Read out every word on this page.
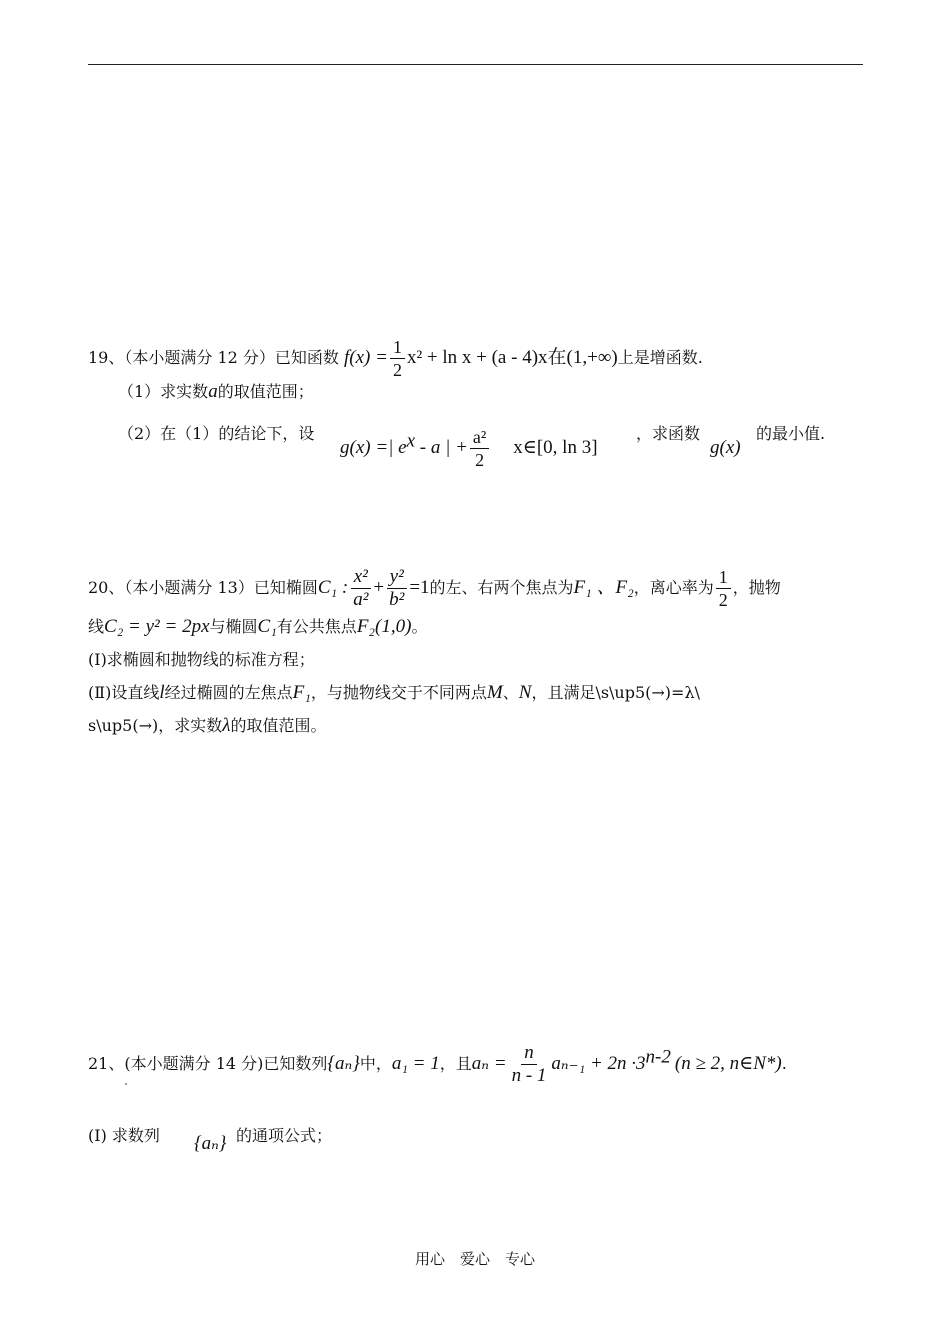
19、（本小题满分 12 分）已知函数 $f(x) = \frac{1}{2} x^2 + \ln x + (a - 4)x$在(1,+∞)上是增函数.
（1）求实数a的取值范围；
（2）在（1）的结论下，设
g(x) =| $e^x$ - a | + $\frac{\text{a²}}{2}$ x∈[0, ln 3]
，求函数
g(x)
的最小值.
20、（本小题满分 13）已知椭圆C₁ : $\frac{\text{x²}}{\text{a²}} + \frac{\text{y²}}{\text{b²}} =1$的左、右两个焦点为F₁ 、F₂，离心率为 $\frac{1}{2}$ ，抛物
线C₂ = y² = 2px与椭圆C₁有公共焦点F₂(1,0)。
(Ⅰ)求椭圆和抛物线的标准方程；
(Ⅱ)设直线l经过椭圆的左焦点F₁，与抛物线交于不同两点M、N，且满足\s\up5(→)=λ\
s\up5(→)，求实数λ的取值范围。
21、(本小题满分 14 分)已知数列{aₙ}中，a₁ = 1，且$a_n = \frac{n}{n - 1} a_{n-1} + 2n \cdot 3^{n-2}$ (n ≥ 2, n∈N*).
(Ⅰ) 求数列 {aₙ} 的通项公式；
用心　爱心　专心
